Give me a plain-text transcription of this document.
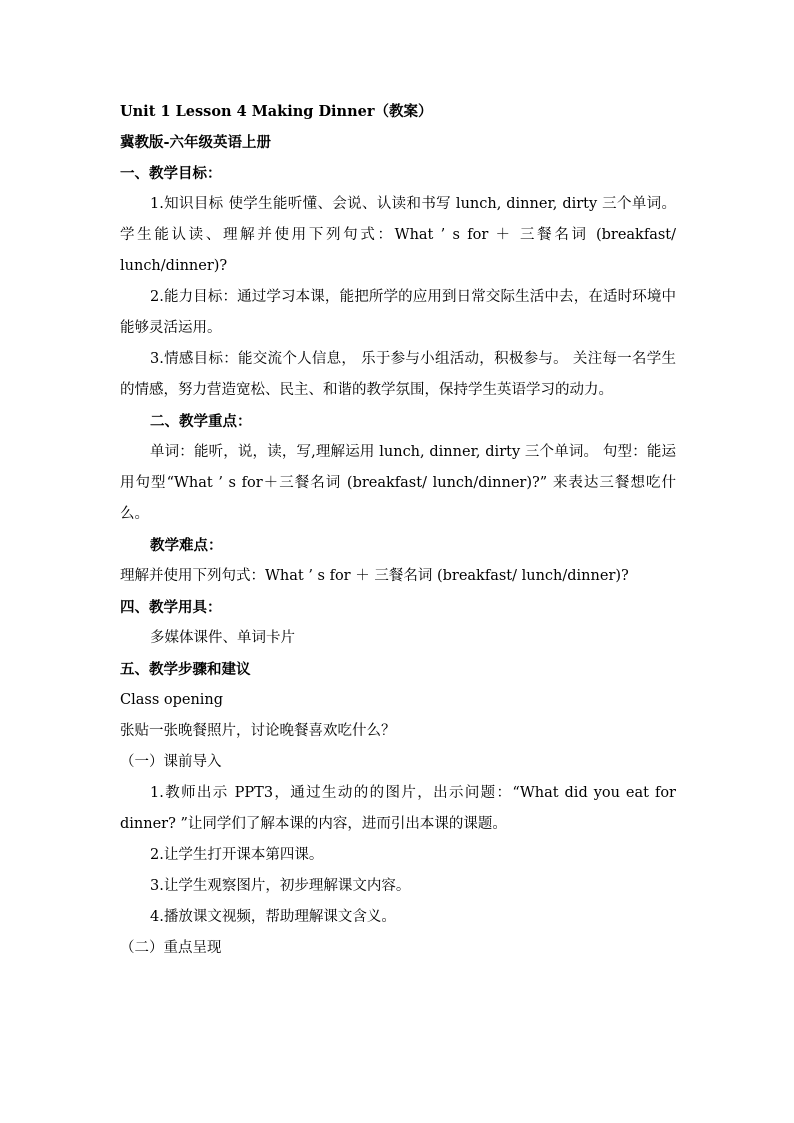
Unit 1 Lesson 4 Making Dinner（教案）

冀教版-六年级英语上册

一、教学目标：

1.知识目标 使学生能听懂、会说、认读和书写 lunch, dinner, dirty 三个单词。学生能认读、理解并使用下列句式：What ’ s for ＋ 三餐名词 (breakfast/ lunch/dinner)?

2.能力目标：通过学习本课，能把所学的应用到日常交际生活中去，在适时环境中能够灵活运用。

3.情感目标：能交流个人信息， 乐于参与小组活动，积极参与。 关注每一名学生的情感，努力营造宽松、民主、和谐的教学氛围，保持学生英语学习的动力。

二、教学重点：

单词：能听，说，读，写,理解运用 lunch, dinner, dirty 三个单词。 句型：能运用句型“What ’ s for＋三餐名词 (breakfast/ lunch/dinner)?” 来表达三餐想吃什么。

教学难点：

理解并使用下列句式：What ’ s for ＋ 三餐名词 (breakfast/ lunch/dinner)?

四、教学用具：

多媒体课件、单词卡片

五、教学步骤和建议

Class opening

张贴一张晚餐照片，讨论晚餐喜欢吃什么？

（一）课前导入

1.教师出示 PPT3，通过生动的的图片，出示问题：“What did you eat for dinner? ”让同学们了解本课的内容，进而引出本课的课题。

2.让学生打开课本第四课。

3.让学生观察图片，初步理解课文内容。

4.播放课文视频，帮助理解课文含义。

（二）重点呈现
